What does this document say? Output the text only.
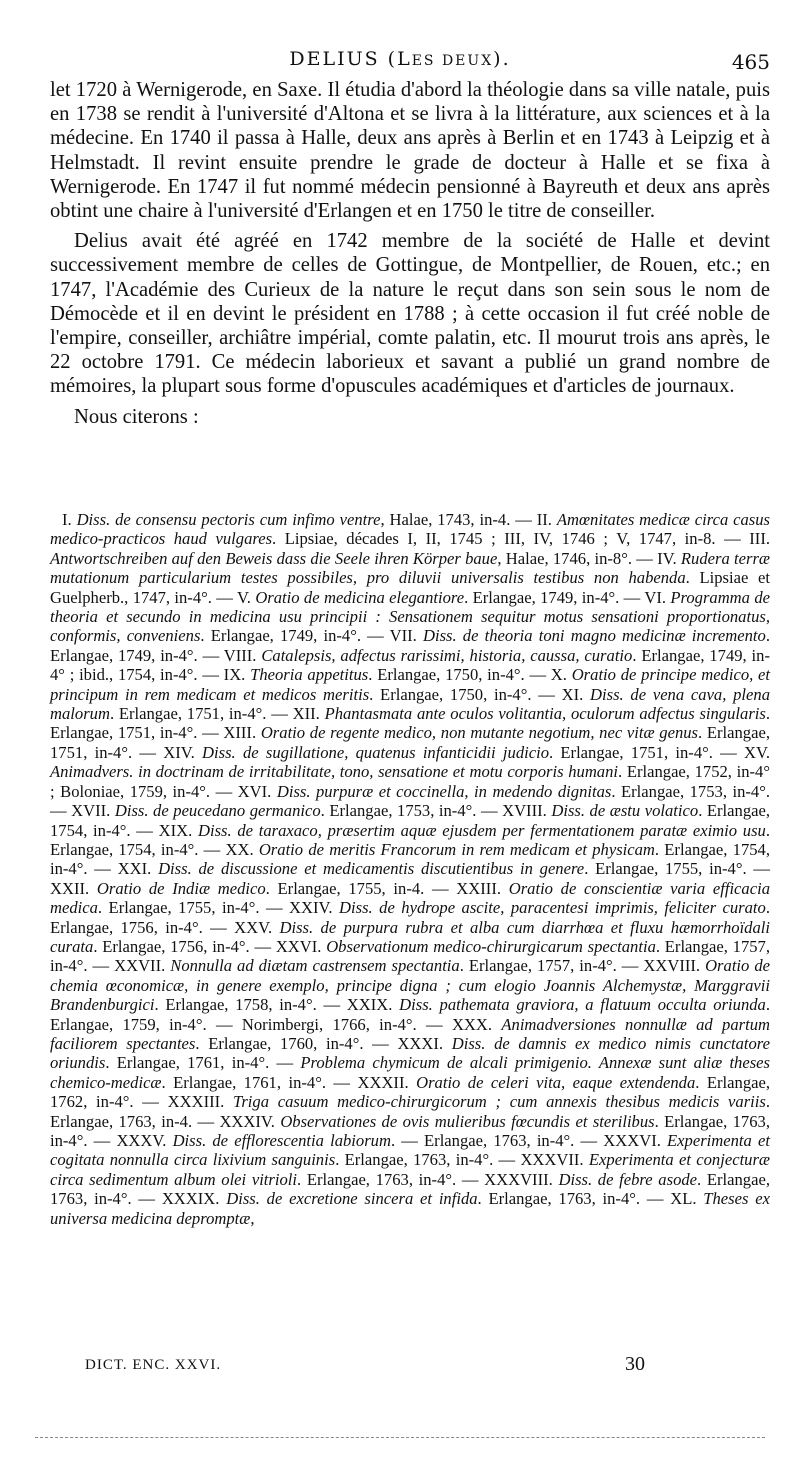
DELIUS (LES DEUX).	465

let 1720 à Wernigerode, en Saxe. Il étudia d'abord la théologie dans sa ville natale, puis en 1738 se rendit à l'université d'Altona et se livra à la littérature, aux sciences et à la médecine. En 1740 il passa à Halle, deux ans après à Berlin et en 1743 à Leipzig et à Helmstadt. Il revint ensuite prendre le grade de docteur à Halle et se fixa à Wernigerode. En 1747 il fut nommé médecin pensionné à Bayreuth et deux ans après obtint une chaire à l'université d'Erlangen et en 1750 le titre de conseiller.

Delius avait été agréé en 1742 membre de la société de Halle et devint successivement membre de celles de Gottingue, de Montpellier, de Rouen, etc.; en 1747, l'Académie des Curieux de la nature le reçut dans son sein sous le nom de Démocède et il en devint le président en 1788 ; à cette occasion il fut créé noble de l'empire, conseiller, archiâtre impérial, comte palatin, etc. Il mourut trois ans après, le 22 octobre 1791. Ce médecin laborieux et savant a publié un grand nombre de mémoires, la plupart sous forme d'opuscules académiques et d'articles de journaux.

Nous citerons :

I. Diss. de consensu pectoris cum infimo ventre, Halae, 1743, in-4. — II. Amœnitates medicæ circa casus medico-practicos haud vulgares. Lipsiae, décades I, II, 1745 ; III, IV, 1746 ; V, 1747, in-8. — III. Antwortschreiben auf den Beweis dass die Seele ihren Körper baue, Halae, 1746, in-8°. — IV. Rudera terræ mutationum particularium testes possibiles, pro diluvii universalis testibus non habenda. Lipsiae et Guelpherb., 1747, in-4°. — V. Oratio de medicina elegantiore. Erlangae, 1749, in-4°. — VI. Programma de theoria et secundo in medicina usu principii : Sensationem sequitur motus sensationi proportionatus, conformis, conveniens. Erlangae, 1749, in-4°. — VII. Diss. de theoria toni magno medicinæ incremento. Erlangae, 1749, in-4°. — VIII. Catalepsis, adfectus rarissimi, historia, caussa, curatio. Erlangae, 1749, in-4° ; ibid., 1754, in-4°. — IX. Theoria appetitus. Erlangae, 1750, in-4°. — X. Oratio de principe medico, et principum in rem medicam et medicos meritis. Erlangae, 1750, in-4°. — XI. Diss. de vena cava, plena malorum. Erlangae, 1751, in-4°. — XII. Phantasmata ante oculos volitantia, oculorum adfectus singularis. Erlangae, 1751, in-4°. — XIII. Oratio de regente medico, non mutante negotium, nec vitæ genus. Erlangae, 1751, in-4°. — XIV. Diss. de sugillatione, quatenus infanticidii judicio. Erlangae, 1751, in-4°. — XV. Animadvers. in doctrinam de irritabilitate, tono, sensatione et motu corporis humani. Erlangae, 1752, in-4° ; Boloniae, 1759, in-4°. — XVI. Diss. purpuræ et coccinella, in medendo dignitas. Erlangae, 1753, in-4°. — XVII. Diss. de peucedano germanico. Erlangae, 1753, in-4°. — XVIII. Diss. de æstu volatico. Erlangae, 1754, in-4°. — XIX. Diss. de taraxaco, præsertim aquæ ejusdem per fermentationem paratæ eximio usu. Erlangae, 1754, in-4°. — XX. Oratio de meritis Francorum in rem medicam et physicam. Erlangae, 1754, in-4°. — XXI. Diss. de discussione et medicamentis discutientibus in genere. Erlangae, 1755, in-4°. — XXII. Oratio de Indiæ medico. Erlangae, 1755, in-4. — XXIII. Oratio de conscientiæ varia efficacia medica. Erlangae, 1755, in-4°. — XXIV. Diss. de hydrope ascite, paracentesi imprimis, feliciter curato. Erlangae, 1756, in-4°. — XXV. Diss. de purpura rubra et alba cum diarrhœa et fluxu hæmorrhoïdali curata. Erlangae, 1756, in-4°. — XXVI. Observationum medico-chirurgicarum spectantia. Erlangae, 1757, in-4°. — XXVII. Nonnulla ad diætam castrensem spectantia. Erlangae, 1757, in-4°. — XXVIII. Oratio de chemia œconomicæ, in genere exemplo, principe digna ; cum elogio Joannis Alchemystæ, Marggravii Brandenburgici. Erlangae, 1758, in-4°. — XXIX. Diss. pathemata graviora, a flatuum occulta oriunda. Erlangae, 1759, in-4°. — Norimbergi, 1766, in-4°. — XXX. Animadversiones nonnullæ ad partum faciliorem spectantes. Erlangae, 1760, in-4°. — XXXI. Diss. de damnis ex medico nimis cunctatore oriundis. Erlangae, 1761, in-4°. — Problema chymicum de alcali primigenio. Annexæ sunt aliæ theses chemico-medicæ. Erlangae, 1761, in-4°. — XXXII. Oratio de celeri vita, eaque extendenda. Erlangae, 1762, in-4°. — XXXIII. Triga casuum medico-chirurgicorum ; cum annexis thesibus medicis variis. Erlangae, 1763, in-4. — XXXIV. Observationes de ovis mulieribus fœcundis et sterilibus. Erlangae, 1763, in-4°. — XXXV. Diss. de efflorescentia labiorum. — Erlangae, 1763, in-4°. — XXXVI. Experimenta et cogitata nonnulla circa lixivium sanguinis. Erlangae, 1763, in-4°. — XXXVII. Experimenta et conjecturæ circa sedimentum album olei vitrioli. Erlangae, 1763, in-4°. — XXXVIII. Diss. de febre asode. Erlangae, 1763, in-4°. — XXXIX. Diss. de excretione sincera et infida. Erlangae, 1763, in-4°. — XL. Theses ex universa medicina depromptæ,

DICT. ENC. XXVI.	30
